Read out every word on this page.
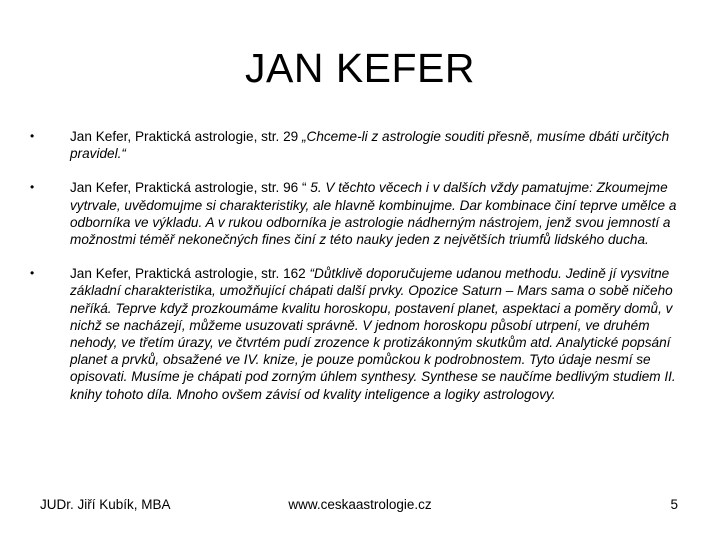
JAN KEFER
•	Jan Kefer, Praktická astrologie, str. 29 „Chceme-li z astrologie souditi přesně, musíme dbáti určitých pravidel.“
•	Jan Kefer, Praktická astrologie, str. 96 “ 5. V těchto věcech i v dalších vždy pamatujme: Zkoumejme vytrvale, uvědomujme si charakteristiky, ale hlavně kombinujme. Dar kombinace činí teprve umělce a odborníka ve výkladu. A v rukou odborníka je astrologie nádherným nástrojem, jenž svou jemností a možnostmi téměř nekonečných fines činí z této nauky jeden z největších triumfů lidského ducha.
•	Jan Kefer, Praktická astrologie, str. 162 “Důtklivě doporučujeme udanou methodu. Jedině jí vysvitne základní charakteristika, umožňující chápati další prvky. Opozice Saturn – Mars sama o sobě ničeho neříká. Teprve když prozkoumáme kvalitu horoskopu, postavení planet, aspektaci a poměry domů, v nichž se nacházejí, můžeme usuzovati správně. V jednom horoskopu působí utrpení, ve druhém nehody, ve třetím úrazy, ve čtvrtém pudí zrozence k protizákonným skutkům atd. Analytické popsání planet a prvků, obsažené ve IV. knize, je pouze pomůckou k podrobnostem. Tyto údaje nesmí se opisovati. Musíme je chápati pod zorným úhlem synthesy. Synthese se naučíme bedlivým studiem II. knihy tohoto díla. Mnoho ovšem závisí od kvality inteligence a logiky astrologovy.
JUDr. Jiří Kubík, MBA	www.ceskaastrologie.cz	5
